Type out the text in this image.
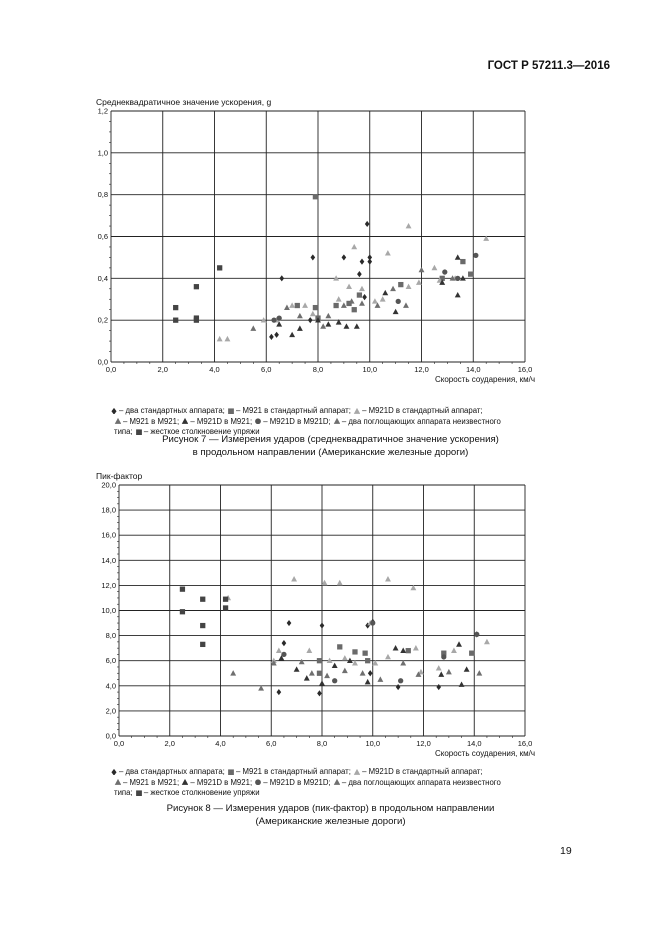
ГОСТ Р 57211.3—2016
Среднеквадратичное значение ускорения, g
Скорость соударения, км/ч
0,0	2,0	4,0	6,0	8,0	10,0	12,0	14,0	16,0
0,0
0,2
0,4
0,6
0,8
1,0
1,2
0,0	2,0	4,0	6,0	8,0	10,0	12,0	14,0	16,0
0,0
2,0
4,0
6,0
8,0
10,0
12,0
14,0
16,0
18,0
20,0
– два стандартных аппарата; – M921 в стандартный аппарат; – M921D в стандартный аппарат;
– M921 в M921; – M921D в M921; – M921D в M921D; – два поглощающих аппарата неизвестного
типа; – жесткое столкновение упряжи
Рисунок 7 — Измерения ударов (среднеквадратичное значение ускорения)
в продольном направлении (Американские железные дороги)
Пик-фактор
Скорость соударения, км/ч
– два стандартных аппарата; – M921 в стандартный аппарат; – M921D в стандартный аппарат;
– M921 в M921; – M921D в M921; – M921D в M921D; – два поглощающих аппарата неизвестного
типа; – жесткое столкновение упряжи
Рисунок 8 — Измерения ударов (пик-фактор) в продольном направлении
(Американские железные дороги)
19
